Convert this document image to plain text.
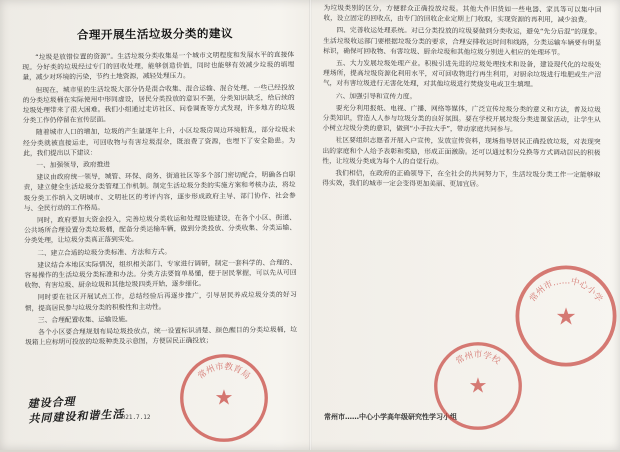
合理开展生活垃圾分类的建议

“垃圾是放错位置的资源”。生活垃圾分类收集是一个城市文明程度和发展水平的直接体现。分好类的垃圾经过专门的回收处理，能够创造价值，同时也能够有效减少垃圾的填埋量，减少对环境的污染，节约土地资源，减轻处理压力。

但现在，城市里的生活垃圾大部分仍是混合收集、混合运输、混合处理，一些已经投放的分类垃圾桶在实际使用中形同虚设，居民分类投放的意识不强，分类知识缺乏，给后续的垃圾处理带来了很大困难。我们小组通过走访社区、问卷调查等方式发现，许多地方的垃圾分类工作仍停留在宣传层面。

随着城市人口的增加，垃圾的产生量逐年上升，小区垃圾房周边环境脏乱，部分垃圾未经分类就被直接运走，可回收物与有害垃圾混杂，既浪费了资源，也埋下了安全隐患。为此，我们提出以下建议：

一、加强领导，政府推进

建议由政府统一领导，城管、环保、商务、街道社区等多个部门密切配合，明确各自职责，建立健全生活垃圾分类管理工作机制。制定生活垃圾分类的实施方案和考核办法，将垃圾分类工作纳入文明城市、文明社区的考评内容，逐步形成政府主导、部门协作、社会参与、全民行动的工作格局。

同时，政府要加大资金投入，完善垃圾分类收运和处理设施建设，在各个小区、街道、公共场所合理设置分类垃圾桶，配备分类运输车辆，做到分类投放、分类收集、分类运输、分类处理，让垃圾分类真正落到实处。

二、建立合适的垃圾分类标准、方法和方式。

建议结合本地区实际情况，组织相关部门、专家进行调研，制定一套科学的、合理的、容易操作的生活垃圾分类标准和办法。分类方法要简单易懂，便于居民掌握，可以先从可回收物、有害垃圾、厨余垃圾和其他垃圾四类开始，逐步细化。

同时要在社区开展试点工作，总结经验后再逐步推广，引导居民养成垃圾分类的好习惯，提高居民参与垃圾分类的积极性和主动性。

三、合理配置收集、运输设施。

各个小区要合理规划布局垃圾投放点，统一设置标识清楚、颜色醒目的分类垃圾桶，垃圾箱上应标明可投放的垃圾种类及示意图，方便居民正确投放；

建设合理
共同建设和谐生活
2021.7.12
常州市教育局
★

为垃圾类别的区分，方便群众正确投放垃圾。其他大件旧货如一些电器、家具等可以集中回收，设立固定的回收点，由专门的回收企业定期上门收取，实现资源的再利用，减少浪费。

四、完善收运处理系统。对已分类投放的垃圾要做到分类收运，避免“先分后混”的现象。生活垃圾收运部门要根据垃圾分类的要求，合理安排收运时间和线路，分类运输车辆要有明显标识，确保可回收物、有害垃圾、厨余垃圾和其他垃圾分别进入相应的处理环节。

五、大力发展垃圾处理产业。积极引进先进的垃圾处理技术和设备，建设现代化的垃圾处理场所，提高垃圾资源化利用水平，对可回收物进行再生利用，对厨余垃圾进行堆肥或生产沼气，对有害垃圾进行无害化处理，对其他垃圾进行焚烧发电或卫生填埋。

六、加强引导和宣传力度。

要充分利用报纸、电视、广播、网络等媒体，广泛宣传垃圾分类的意义和方法，普及垃圾分类知识，营造人人参与垃圾分类的良好氛围。要在学校开展垃圾分类进课堂活动，让学生从小树立垃圾分类的意识，做到“小手拉大手”，带动家庭共同参与。

社区要组织志愿者开展入户宣传，发放宣传资料，现场指导居民正确投放垃圾，对表现突出的家庭和个人给予表彰和奖励，形成正面激励。还可以通过积分兑换等方式调动居民的积极性，让垃圾分类成为每个人的自觉行动。

我们相信，在政府的正确领导下，在全社会的共同努力下，生活垃圾分类工作一定能够取得实效，我们的城市一定会变得更加美丽、更加宜居。

常州市……中心小学高年级研究性学习小组
常州市学校
★
常州市……中心小学
★
